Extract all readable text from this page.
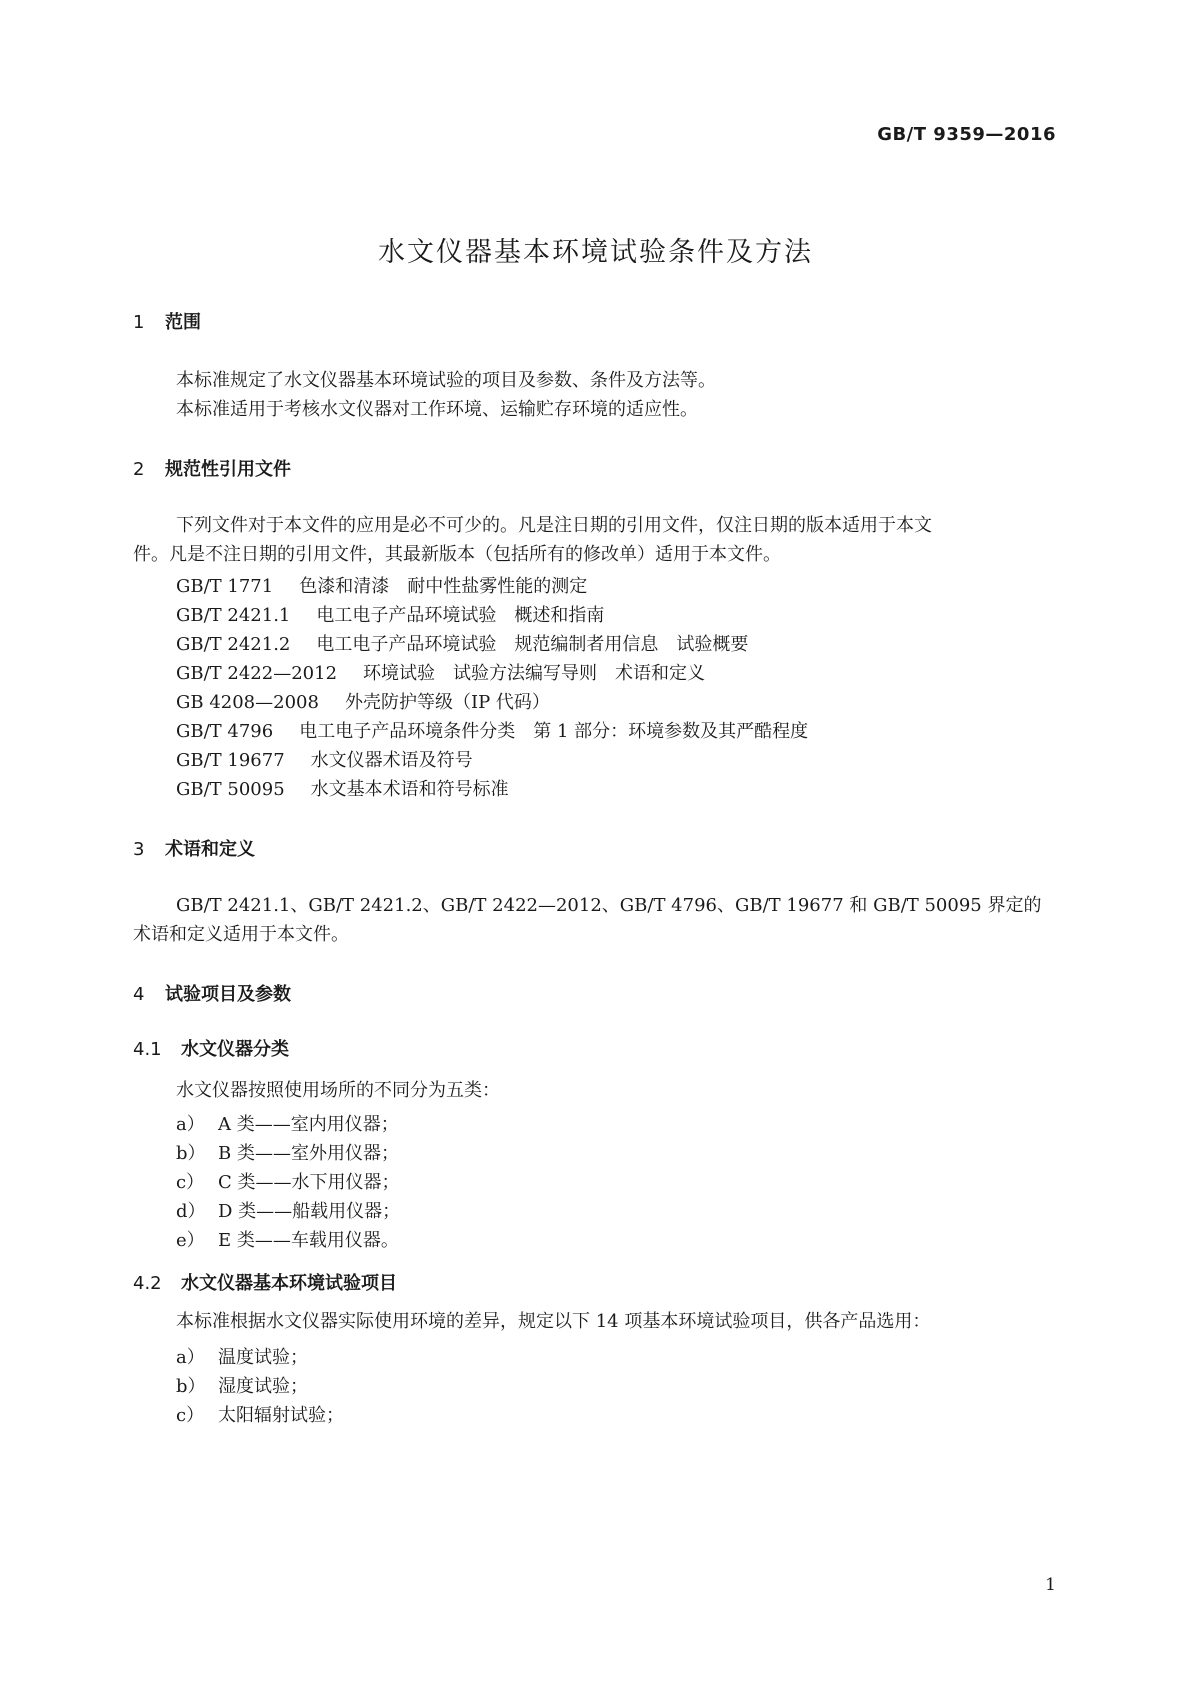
GB/T 9359—2016
水文仪器基本环境试验条件及方法
1 范围
本标准规定了水文仪器基本环境试验的项目及参数、条件及方法等。
本标准适用于考核水文仪器对工作环境、运输贮存环境的适应性。
2 规范性引用文件
下列文件对于本文件的应用是必不可少的。凡是注日期的引用文件，仅注日期的版本适用于本文
件。凡是不注日期的引用文件，其最新版本（包括所有的修改单）适用于本文件。
GB/T 1771 色漆和清漆　耐中性盐雾性能的测定
GB/T 2421.1 电工电子产品环境试验　概述和指南
GB/T 2421.2 电工电子产品环境试验　规范编制者用信息　试验概要
GB/T 2422—2012 环境试验　试验方法编写导则　术语和定义
GB 4208—2008 外壳防护等级（IP 代码）
GB/T 4796 电工电子产品环境条件分类　第 1 部分：环境参数及其严酷程度
GB/T 19677 水文仪器术语及符号
GB/T 50095 水文基本术语和符号标准
3 术语和定义
GB/T 2421.1、GB/T 2421.2、GB/T 2422—2012、GB/T 4796、GB/T 19677 和 GB/T 50095 界定的
术语和定义适用于本文件。
4 试验项目及参数
4.1 水文仪器分类
水文仪器按照使用场所的不同分为五类：
a） A 类——室内用仪器；
b） B 类——室外用仪器；
c） C 类——水下用仪器；
d） D 类——船载用仪器；
e） E 类——车载用仪器。
4.2 水文仪器基本环境试验项目
本标准根据水文仪器实际使用环境的差异，规定以下 14 项基本环境试验项目，供各产品选用：
a） 温度试验；
b） 湿度试验；
c） 太阳辐射试验；
1
